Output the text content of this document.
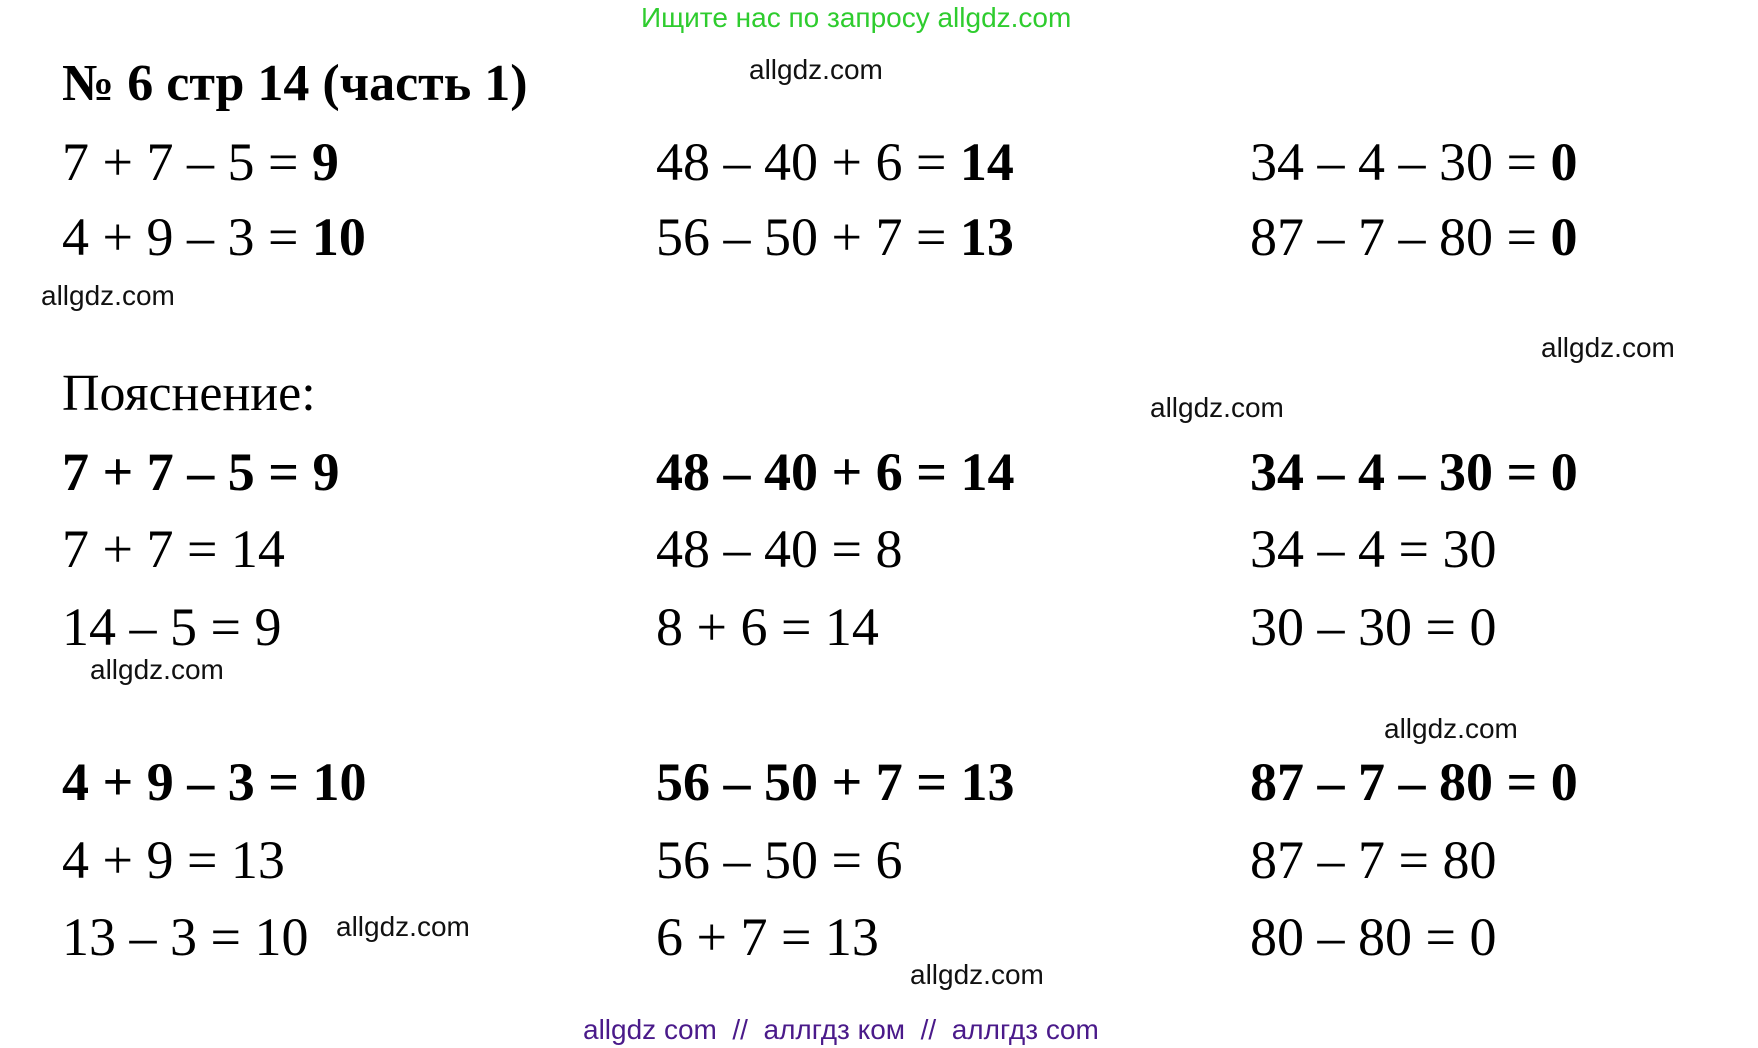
Ищите нас по запросу allgdz.com
№ 6 стр 14 (часть 1)
7 + 7 – 5 = 9	48 – 40 + 6 = 14	34 – 4 – 30 = 0
4 + 9 – 3 = 10	56 – 50 + 7 = 13	87 – 7 – 80 = 0
Пояснение:
7 + 7 – 5 = 9
7 + 7 = 14
14 – 5 = 9
48 – 40 + 6 = 14
48 – 40 = 8
8 + 6 = 14
34 – 4 – 30 = 0
34 – 4 = 30
30 – 30 = 0
4 + 9 – 3 = 10
4 + 9 = 13
13 – 3 = 10
56 – 50 + 7 = 13
56 – 50 = 6
6 + 7 = 13
87 – 7 – 80 = 0
87 – 7 = 80
80 – 80 = 0
allgdz.com
allgdz.com
allgdz.com
allgdz.com
allgdz.com
allgdz.com
allgdz.com
allgdz.com
allgdz com  //  аллгдз ком  //  аллгдз com
